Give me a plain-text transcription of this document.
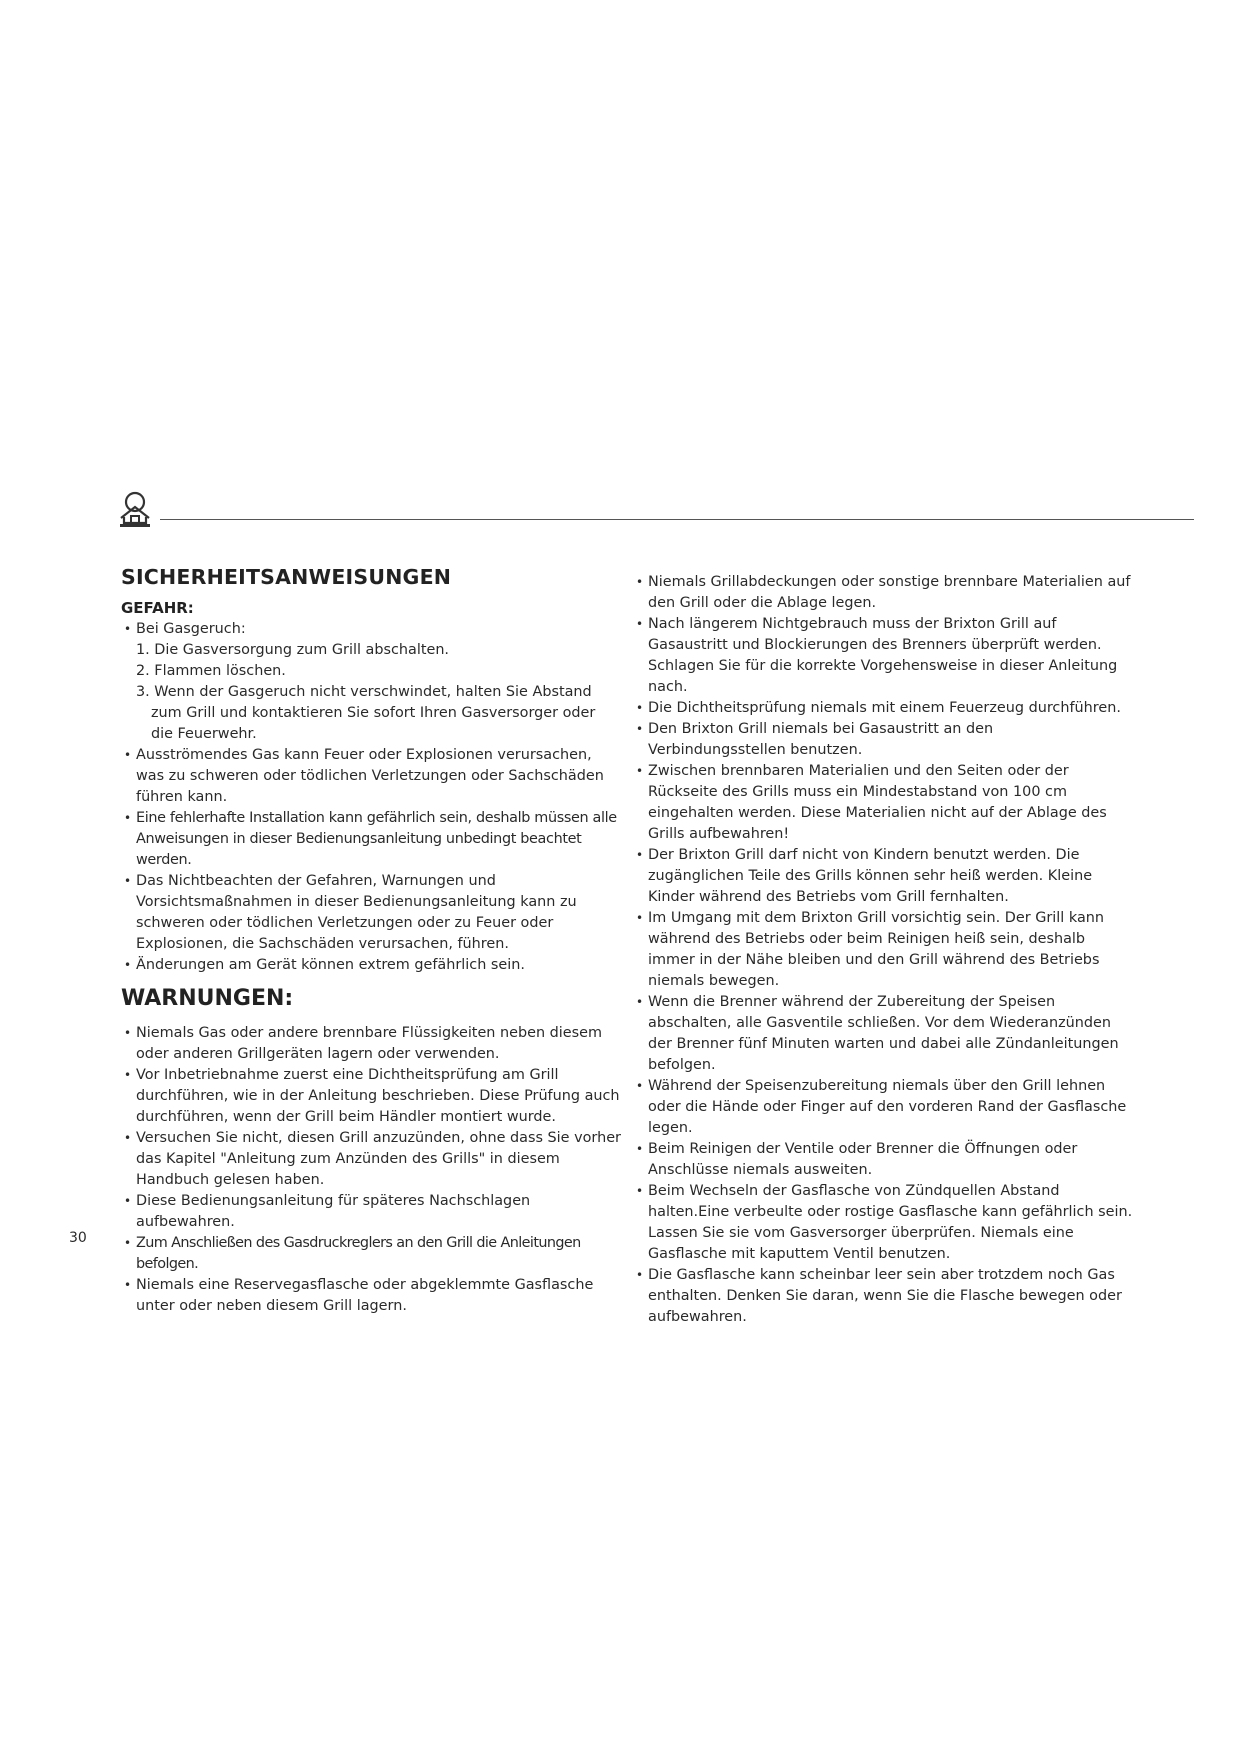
SICHERHEITSANWEISUNGEN
GEFAHR:
• Bei Gasgeruch:
1. Die Gasversorgung zum Grill abschalten.
2. Flammen löschen.
3. Wenn der Gasgeruch nicht verschwindet, halten Sie Abstand zum Grill und kontaktieren Sie sofort Ihren Gasversorger oder die Feuerwehr.
• Ausströmendes Gas kann Feuer oder Explosionen verursachen, was zu schweren oder tödlichen Verletzungen oder Sachschäden führen kann.
• Eine fehlerhafte Installation kann gefährlich sein, deshalb müssen alle Anweisungen in dieser Bedienungsanleitung unbedingt beachtet werden.
• Das Nichtbeachten der Gefahren, Warnungen und Vorsichtsmaßnahmen in dieser Bedienungsanleitung kann zu schweren oder tödlichen Verletzungen oder zu Feuer oder Explosionen, die Sachschäden verursachen, führen.
• Änderungen am Gerät können extrem gefährlich sein.
WARNUNGEN:
• Niemals Gas oder andere brennbare Flüssigkeiten neben diesem oder anderen Grillgeräten lagern oder verwenden.
• Vor Inbetriebnahme zuerst eine Dichtheitsprüfung am Grill durchführen, wie in der Anleitung beschrieben. Diese Prüfung auch durchführen, wenn der Grill beim Händler montiert wurde.
• Versuchen Sie nicht, diesen Grill anzuzünden, ohne dass Sie vorher das Kapitel "Anleitung zum Anzünden des Grills" in diesem Handbuch gelesen haben.
• Diese Bedienungsanleitung für späteres Nachschlagen aufbewahren.
• Zum Anschließen des Gasdruckreglers an den Grill die Anleitungen befolgen.
• Niemals eine Reservegasflasche oder abgeklemmte Gasflasche unter oder neben diesem Grill lagern.
• Niemals Grillabdeckungen oder sonstige brennbare Materialien auf den Grill oder die Ablage legen.
• Nach längerem Nichtgebrauch muss der Brixton Grill auf Gasaustritt und Blockierungen des Brenners überprüft werden. Schlagen Sie für die korrekte Vorgehensweise in dieser Anleitung nach.
• Die Dichtheitsprüfung niemals mit einem Feuerzeug durchführen.
• Den Brixton Grill niemals bei Gasaustritt an den Verbindungsstellen benutzen.
• Zwischen brennbaren Materialien und den Seiten oder der Rückseite des Grills muss ein Mindestabstand von 100 cm eingehalten werden. Diese Materialien nicht auf der Ablage des Grills aufbewahren!
• Der Brixton Grill darf nicht von Kindern benutzt werden. Die zugänglichen Teile des Grills können sehr heiß werden. Kleine Kinder während des Betriebs vom Grill fernhalten.
• Im Umgang mit dem Brixton Grill vorsichtig sein. Der Grill kann während des Betriebs oder beim Reinigen heiß sein, deshalb immer in der Nähe bleiben und den Grill während des Betriebs niemals bewegen.
• Wenn die Brenner während der Zubereitung der Speisen abschalten, alle Gasventile schließen. Vor dem Wiederanzünden der Brenner fünf Minuten warten und dabei alle Zündanleitungen befolgen.
• Während der Speisenzubereitung niemals über den Grill lehnen oder die Hände oder Finger auf den vorderen Rand der Gasflasche legen.
• Beim Reinigen der Ventile oder Brenner die Öffnungen oder Anschlüsse niemals ausweiten.
• Beim Wechseln der Gasflasche von Zündquellen Abstand halten.Eine verbeulte oder rostige Gasflasche kann gefährlich sein. Lassen Sie sie vom Gasversorger überprüfen. Niemals eine Gasflasche mit kaputtem Ventil benutzen.
• Die Gasflasche kann scheinbar leer sein aber trotzdem noch Gas enthalten. Denken Sie daran, wenn Sie die Flasche bewegen oder aufbewahren.
30
